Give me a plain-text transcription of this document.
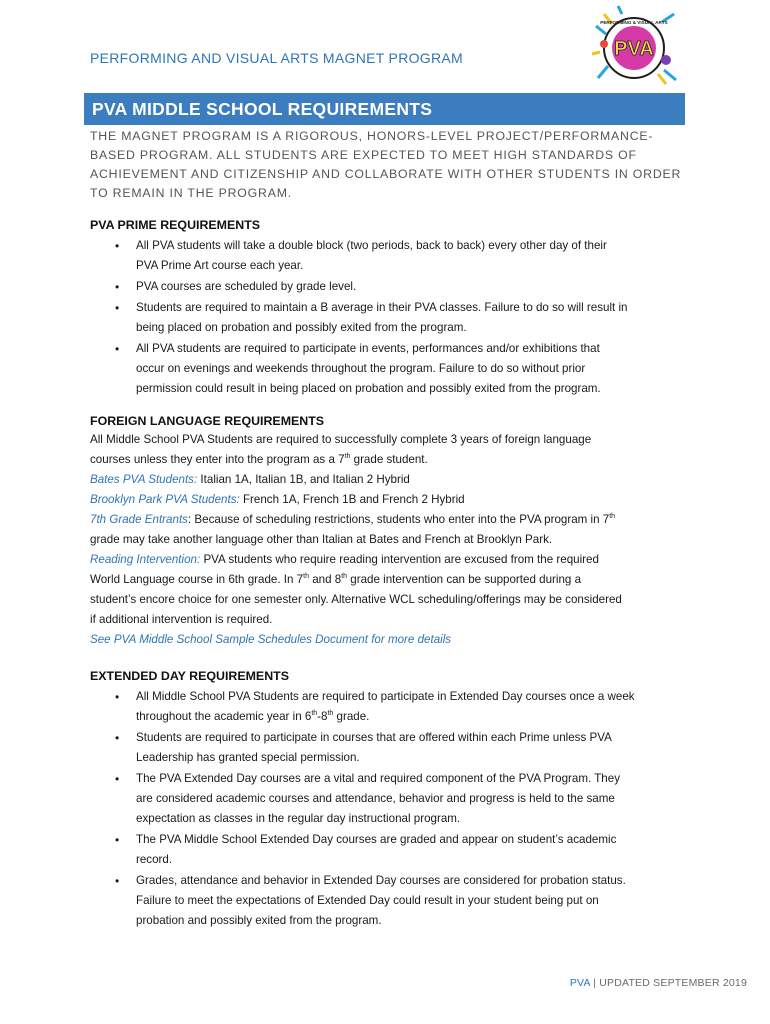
PERFORMING AND VISUAL ARTS MAGNET PROGRAM	PVA
PERFORMING & VISUAL ARTS
PVA MIDDLE SCHOOL REQUIREMENTS
THE MAGNET PROGRAM IS A RIGOROUS, HONORS-LEVEL PROJECT/PERFORMANCE-
BASED PROGRAM. ALL STUDENTS ARE EXPECTED TO MEET HIGH STANDARDS OF
ACHIEVEMENT AND CITIZENSHIP AND COLLABORATE WITH OTHER STUDENTS IN ORDER
TO REMAIN IN THE PROGRAM.
PVA PRIME REQUIREMENTS
• All PVA students will take a double block (two periods, back to back) every other day of their
PVA Prime Art course each year.
• PVA courses are scheduled by grade level.
• Students are required to maintain a B average in their PVA classes. Failure to do so will result in
being placed on probation and possibly exited from the program.
• All PVA students are required to participate in events, performances and/or exhibitions that
occur on evenings and weekends throughout the program. Failure to do so without prior
permission could result in being placed on probation and possibly exited from the program.
FOREIGN LANGUAGE REQUIREMENTS

All Middle School PVA Students are required to successfully complete 3 years of foreign language
courses unless they enter into the program as a 7th grade student.

Bates PVA Students: Italian 1A, Italian 1B, and Italian 2 Hybrid

Brooklyn Park PVA Students: French 1A, French 1B and French 2 Hybrid

7th Grade Entrants: Because of scheduling restrictions, students who enter into the PVA program in 7th
grade may take another language other than Italian at Bates and French at Brooklyn Park.

Reading Intervention: PVA students who require reading intervention are excused from the required
World Language course in 6th grade. In 7th and 8th grade intervention can be supported during a
student’s encore choice for one semester only. Alternative WCL scheduling/offerings may be considered
if additional intervention is required.

See PVA Middle School Sample Schedules Document for more details

EXTENDED DAY REQUIREMENTS
• All Middle School PVA Students are required to participate in Extended Day courses once a week
throughout the academic year in 6th-8th grade.
• Students are required to participate in courses that are offered within each Prime unless PVA
Leadership has granted special permission.
• The PVA Extended Day courses are a vital and required component of the PVA Program. They
are considered academic courses and attendance, behavior and progress is held to the same
expectation as classes in the regular day instructional program.
• The PVA Middle School Extended Day courses are graded and appear on student’s academic
record.
• Grades, attendance and behavior in Extended Day courses are considered for probation status.
Failure to meet the expectations of Extended Day could result in your student being put on
probation and possibly exited from the program.
PVA | UPDATED SEPTEMBER 2019
